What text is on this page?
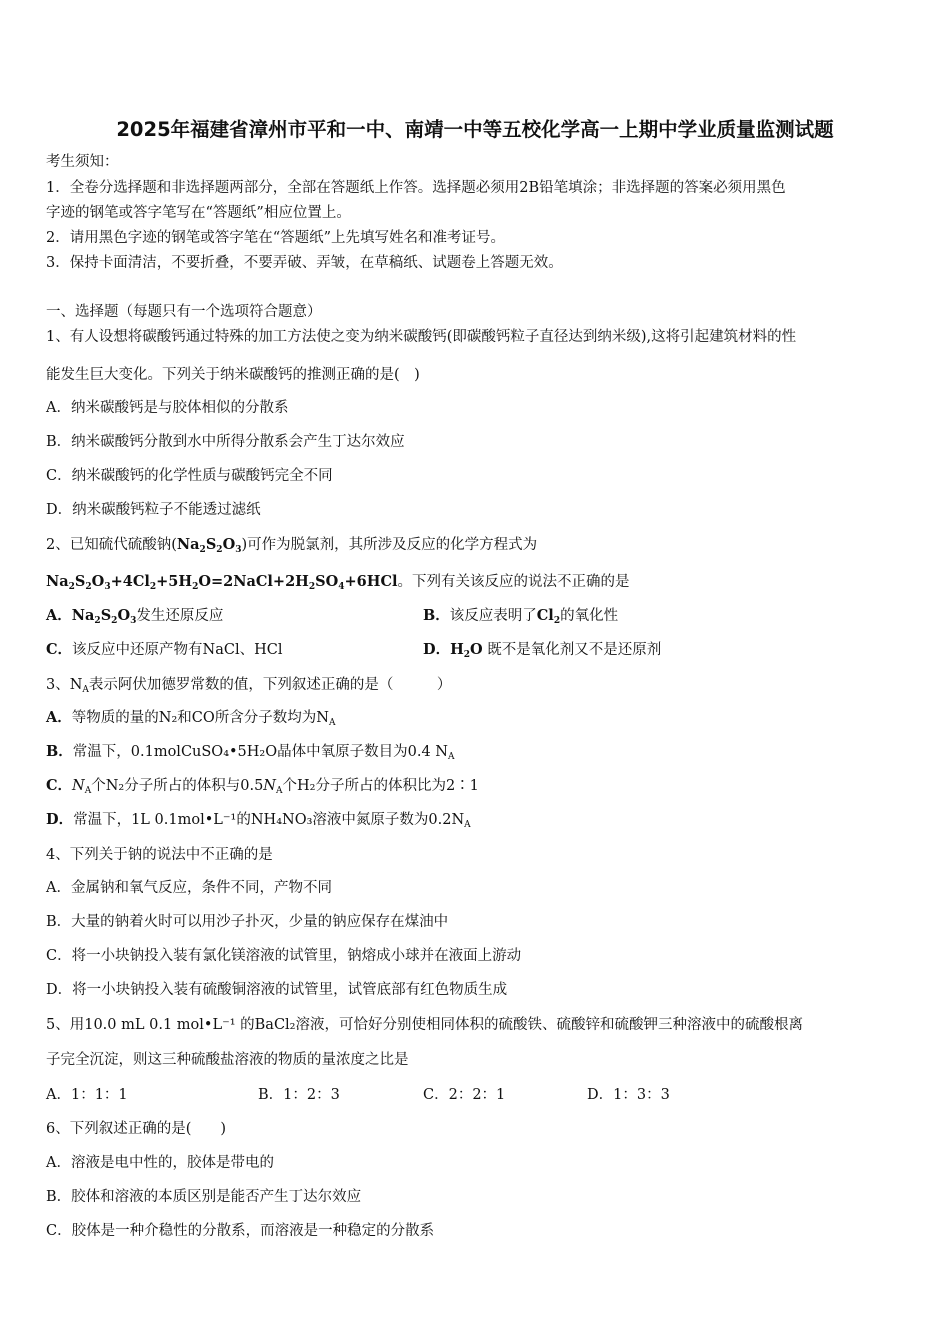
2025年福建省漳州市平和一中、南靖一中等五校化学高一上期中学业质量监测试题
考生须知：
1．全卷分选择题和非选择题两部分，全部在答题纸上作答。选择题必须用2B铅笔填涂；非选择题的答案必须用黑色
字迹的钢笔或答字笔写在“答题纸”相应位置上。
2．请用黑色字迹的钢笔或答字笔在“答题纸”上先填写姓名和准考证号。
3．保持卡面清洁，不要折叠，不要弄破、弄皱，在草稿纸、试题卷上答题无效。
一、选择题（每题只有一个选项符合题意）
1、有人设想将碳酸钙通过特殊的加工方法使之变为纳米碳酸钙(即碳酸钙粒子直径达到纳米级),这将引起建筑材料的性
能发生巨大变化。下列关于纳米碳酸钙的推测正确的是(　)
A．纳米碳酸钙是与胶体相似的分散系
B．纳米碳酸钙分散到水中所得分散系会产生丁达尔效应
C．纳米碳酸钙的化学性质与碳酸钙完全不同
D．纳米碳酸钙粒子不能透过滤纸
2、已知硫代硫酸钠$(Na_2S_2O_3)$可作为脱氯剂，其所涉及反应的化学方程式为
$Na_2S_2O_3+4Cl_2+5H_2O=2NaCl+2H_2SO_4+6HCl$。下列有关该反应的说法不正确的是
A．$Na_2S_2O_3$发生还原反应	B．该反应表明了$Cl_2$的氧化性
C．该反应中还原产物有NaCl、HCl	D．$H_2O$ 既不是氧化剂又不是还原剂
3、$N_A$表示阿伏加德罗常数的值，下列叙述正确的是（　　　）
A．等物质的量的N₂和CO所含分子数均为$N_A$
B．常温下，0.1molCuSO₄•5H₂O晶体中氧原子数目为0.4 $N_A$
C．$N_A$个N₂分子所占的体积与$0.5N_A$个H₂分子所占的体积比为2∶1
D．常温下，1L 0.1mol•L⁻¹的NH₄NO₃溶液中氮原子数为$0.2N_A$
4、下列关于钠的说法中不正确的是
A．金属钠和氧气反应，条件不同，产物不同
B．大量的钠着火时可以用沙子扑灭，少量的钠应保存在煤油中
C．将一小块钠投入装有氯化镁溶液的试管里，钠熔成小球并在液面上游动
D．将一小块钠投入装有硫酸铜溶液的试管里，试管底部有红色物质生成
5、用10.0 mL 0.1 mol•L⁻¹ 的BaCl₂溶液，可恰好分别使相同体积的硫酸铁、硫酸锌和硫酸钾三种溶液中的硫酸根离
子完全沉淀，则这三种硫酸盐溶液的物质的量浓度之比是
A．1：1：1	B．1：2：3	C．2：2：1	D．1：3：3
6、下列叙述正确的是(　　)
A．溶液是电中性的，胶体是带电的
B．胶体和溶液的本质区别是能否产生丁达尔效应
C．胶体是一种介稳性的分散系，而溶液是一种稳定的分散系
